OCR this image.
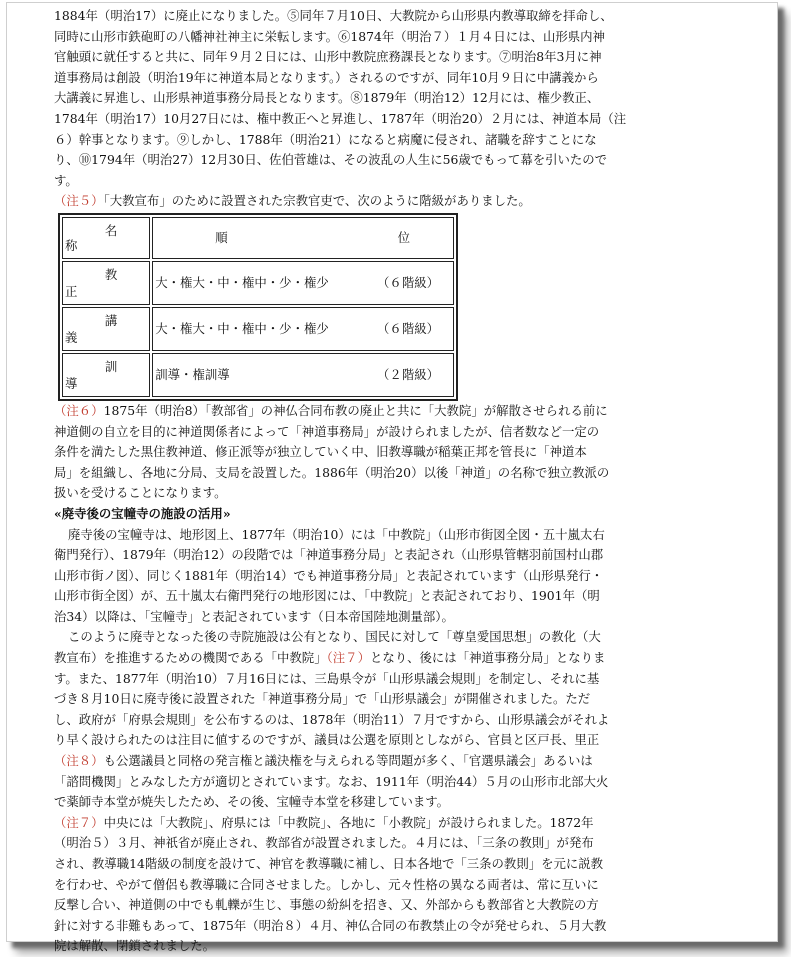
1884年（明治17）に廃止になりました。⑤同年７月10日、大教院から山形県内教導取締を拝命し、

同時に山形市鉄砲町の八幡神社神主に栄転します。⑥1874年（明治７）１月４日には、山形県内神

官触頭に就任すると共に、同年９月２日には、山形中教院庶務課長となります。⑦明治8年3月に神

道事務局は創設（明治19年に神道本局となります。）されるのですが、同年10月９日に中講義から

大講義に昇進し、山形県神道事務分局長となります。⑧1879年（明治12）12月には、権少教正、

1784年（明治17）10月27日には、権中教正へと昇進し、1787年（明治20）２月には、神道本局（注

６）幹事となります。⑨しかし、1788年（明治21）になると病魔に侵され、諸職を辞すことにな

り、⑩1794年（明治27）12月30日、佐伯菅雄は、その波乱の人生に56歳でもって幕を引いたので

す。

（注５）「大教宣布」のために設置された宗教官吏で、次のように階級がありました。

名
称	順 位

教
正	大・権大・中・権中・少・権少 （６階級）

講
義	大・権大・中・権中・少・権少 （６階級）

訓
導	訓導・権訓導 （２階級）

（注６）1875年（明治8）「教部省」の神仏合同布教の廃止と共に「大教院」が解散させられる前に

神道側の自立を目的に神道関係者によって「神道事務局」が設けられましたが、信者数など一定の

条件を満たした黒住教神道、修正派等が独立していく中、旧教導職が稲葉正邦を管長に「神道本

局」を組織し、各地に分局、支局を設置した。1886年（明治20）以後「神道」の名称で独立教派の

扱いを受けることになります。

«廃寺後の宝幢寺の施設の活用»

廃寺後の宝幢寺は、地形図上、1877年（明治10）には「中教院」（山形市街図全図・五十嵐太右

衛門発行）、1879年（明治12）の段階では「神道事務分局」と表記され（山形県管轄羽前国村山郡

山形市街ノ図）、同じく1881年（明治14）でも神道事務分局」と表記されています（山形県発行・

山形市街全図）が、五十嵐太右衛門発行の地形図には、「中教院」と表記されており、1901年（明

治34）以降は、「宝幢寺」と表記されています（日本帝国陸地測量部）。

このように廃寺となった後の寺院施設は公有となり、国民に対して「尊皇愛国思想」の教化（大

教宣布）を推進するための機関である「中教院」（注７）となり、後には「神道事務分局」となりま

す。また、1877年（明治10）７月16日には、三島県令が「山形県議会規則」を制定し、それに基

づき８月10日に廃寺後に設置された「神道事務分局」で「山形県議会」が開催されました。ただ

し、政府が「府県会規則」を公布するのは、1878年（明治11）７月ですから、山形県議会がそれよ

り早く設けられたのは注目に値するのですが、議員は公選を原則としながら、官員と区戸長、里正

（注８）も公選議員と同格の発言権と議決権を与えられる等問題が多く、「官選県議会」あるいは

「諮問機関」とみなした方が適切とされています。なお、1911年（明治44）５月の山形市北部大火

で薬師寺本堂が焼失したため、その後、宝幢寺本堂を移建しています。

（注７）中央には「大教院」、府県には「中教院」、各地に「小教院」が設けられました。1872年

（明治５）３月、神祇省が廃止され、教部省が設置されました。４月には、「三条の教則」が発布

され、教導職14階級の制度を設けて、神官を教導職に補し、日本各地で「三条の教則」を元に説教

を行わせ、やがて僧侶も教導職に合同させました。しかし、元々性格の異なる両者は、常に互いに

反撃し合い、神道側の中でも軋轢が生じ、事態の紛糾を招き、又、外部からも教部省と大教院の方

針に対する非難もあって、1875年（明治８）４月、神仏合同の布教禁止の令が発せられ、５月大教

院は解散、閉鎖されました。
